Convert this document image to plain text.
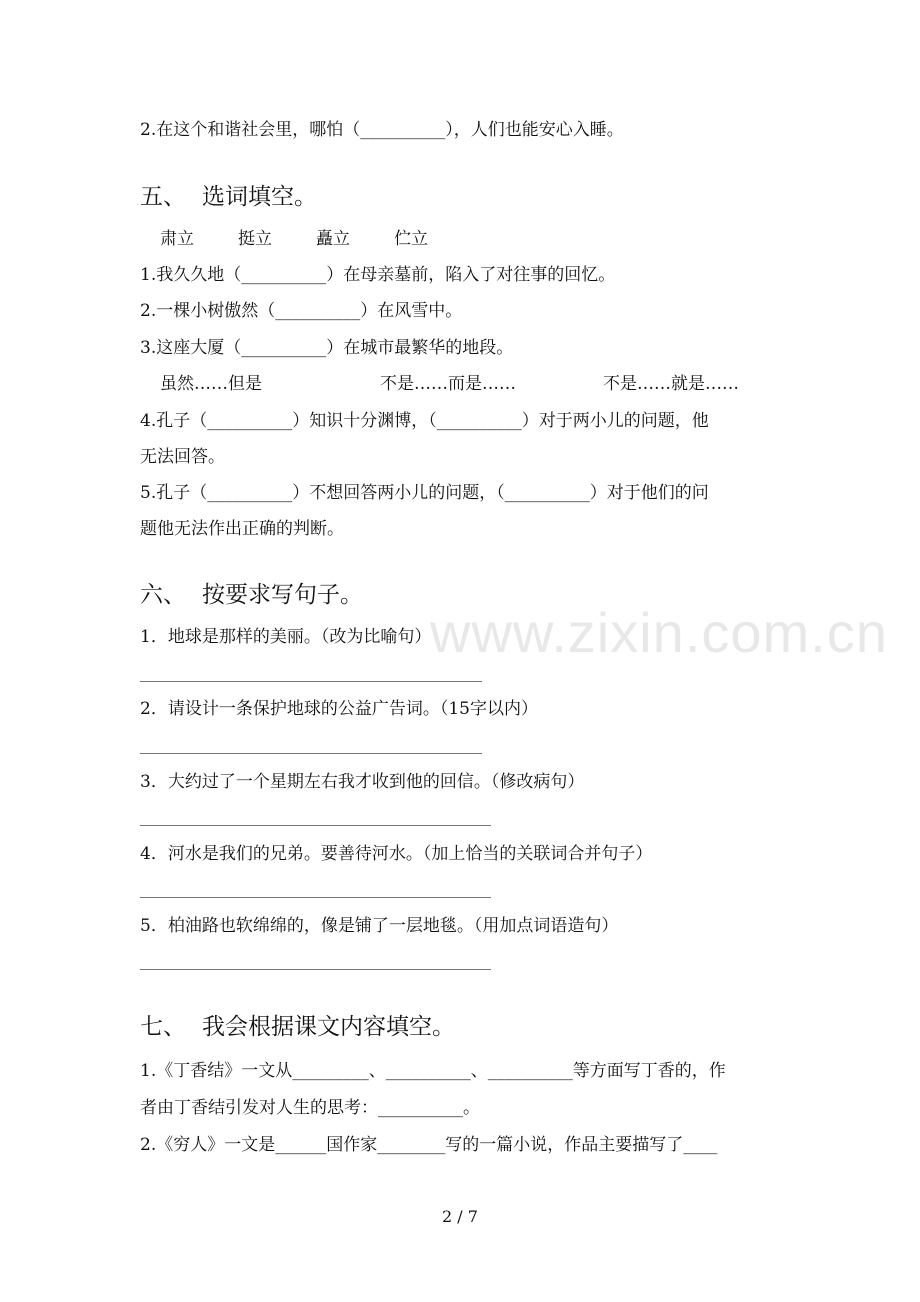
www.zixin.com.cn
2.在这个和谐社会里，哪怕（__________），人们也能安心入睡。
五、 选词填空。
肃立	挺立	矗立	伫立
1.我久久地（__________）在母亲墓前，陷入了对往事的回忆。
2.一棵小树傲然（__________）在风雪中。
3.这座大厦（__________）在城市最繁华的地段。
虽然……但是	不是……而是……	不是……就是……
4.孔子（__________）知识十分渊博，（__________）对于两小儿的问题，他
无法回答。
5.孔子（__________）不想回答两小儿的问题，（__________）对于他们的问
题他无法作出正确的判断。
六、 按要求写句子。
1．地球是那样的美丽。（改为比喻句）
2．请设计一条保护地球的公益广告词。（15字以内）
3．大约过了一个星期左右我才收到他的回信。（修改病句）
4．河水是我们的兄弟。要善待河水。（加上恰当的关联词合并句子）
5．柏油路也软绵绵的，像是铺了一层地毯。（用加点词语造句）
七、 我会根据课文内容填空。
1.《丁香结》一文从_________、__________、__________等方面写丁香的，作
者由丁香结引发对人生的思考：__________。
2.《穷人》一文是______国作家________写的一篇小说，作品主要描写了____
2 / 7
